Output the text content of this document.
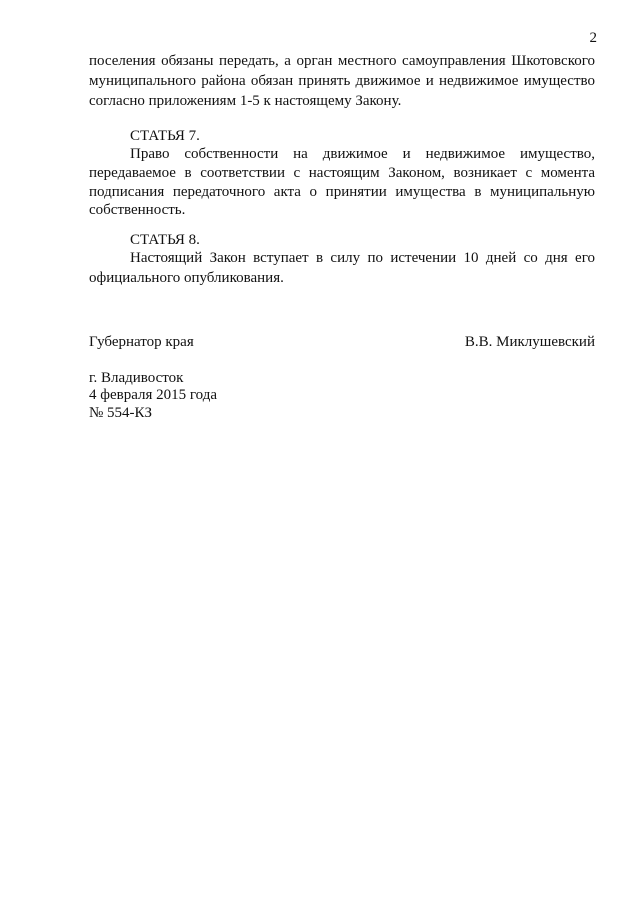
2
поселения обязаны передать, а орган местного самоуправления Шкотовского
муниципального района обязан принять движимое и недвижимое имущество
согласно приложениям 1-5 к настоящему Закону.
СТАТЬЯ 7.
Право собственности на движимое и недвижимое имущество,
передаваемое в соответствии с настоящим Законом, возникает с момента
подписания передаточного акта о принятии имущества в муниципальную
собственность.
СТАТЬЯ 8.
Настоящий Закон вступает в силу по истечении 10 дней со дня его
официального опубликования.
Губернатор края	В.В. Миклушевский
г. Владивосток
4 февраля 2015 года
№ 554-КЗ
